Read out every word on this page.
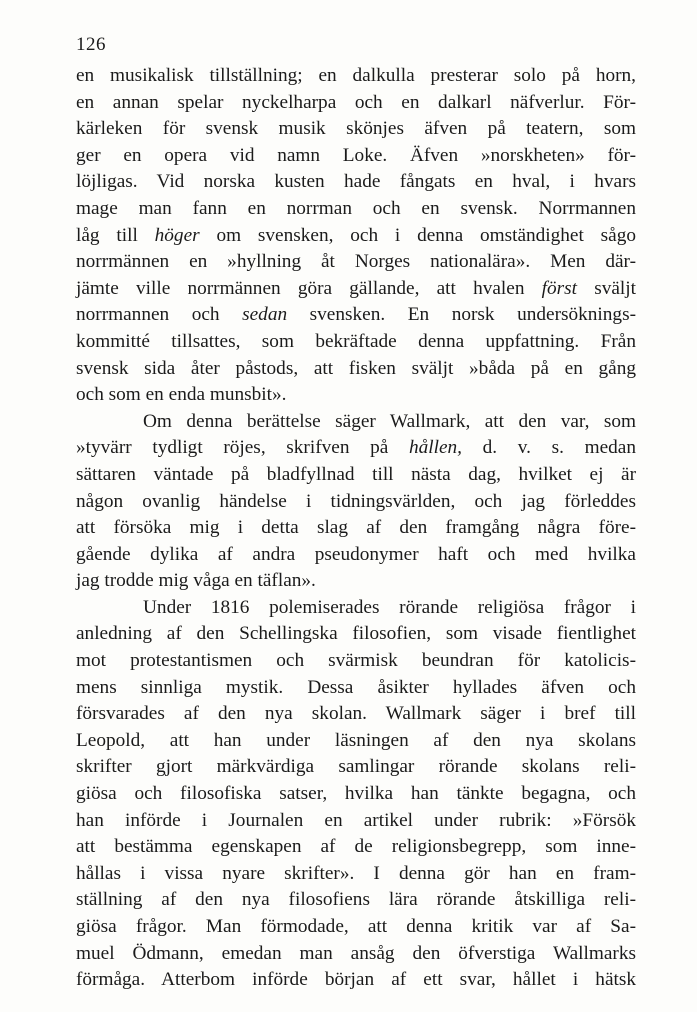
126
en musikalisk tillställning; en dalkulla presterar solo på horn,
en annan spelar nyckelharpa och en dalkarl näfverlur. För-
kärleken för svensk musik skönjes äfven på teatern, som
ger en opera vid namn Loke. Äfven »norskheten» för-
löjligas. Vid norska kusten hade fångats en hval, i hvars
mage man fann en norrman och en svensk. Norrmannen
låg till höger om svensken, och i denna omständighet sågo
norrmännen en »hyllning åt Norges nationalära». Men där-
jämte ville norrmännen göra gällande, att hvalen först sväljt
norrmannen och sedan svensken. En norsk undersöknings-
kommitté tillsattes, som bekräftade denna uppfattning. Från
svensk sida åter påstods, att fisken sväljt »båda på en gång
och som en enda munsbit».
Om denna berättelse säger Wallmark, att den var, som
»tyvärr tydligt röjes, skrifven på hållen, d. v. s. medan
sättaren väntade på bladfyllnad till nästa dag, hvilket ej är
någon ovanlig händelse i tidningsvärlden, och jag förleddes
att försöka mig i detta slag af den framgång några före-
gående dylika af andra pseudonymer haft och med hvilka
jag trodde mig våga en täflan».
Under 1816 polemiserades rörande religiösa frågor i
anledning af den Schellingska filosofien, som visade fientlighet
mot protestantismen och svärmisk beundran för katolicis-
mens sinnliga mystik. Dessa åsikter hyllades äfven och
försvarades af den nya skolan. Wallmark säger i bref till
Leopold, att han under läsningen af den nya skolans
skrifter gjort märkvärdiga samlingar rörande skolans reli-
giösa och filosofiska satser, hvilka han tänkte begagna, och
han införde i Journalen en artikel under rubrik: »Försök
att bestämma egenskapen af de religionsbegrepp, som inne-
hållas i vissa nyare skrifter». I denna gör han en fram-
ställning af den nya filosofiens lära rörande åtskilliga reli-
giösa frågor. Man förmodade, att denna kritik var af Sa-
muel Ödmann, emedan man ansåg den öfverstiga Wallmarks
förmåga. Atterbom införde början af ett svar, hållet i hätsk
